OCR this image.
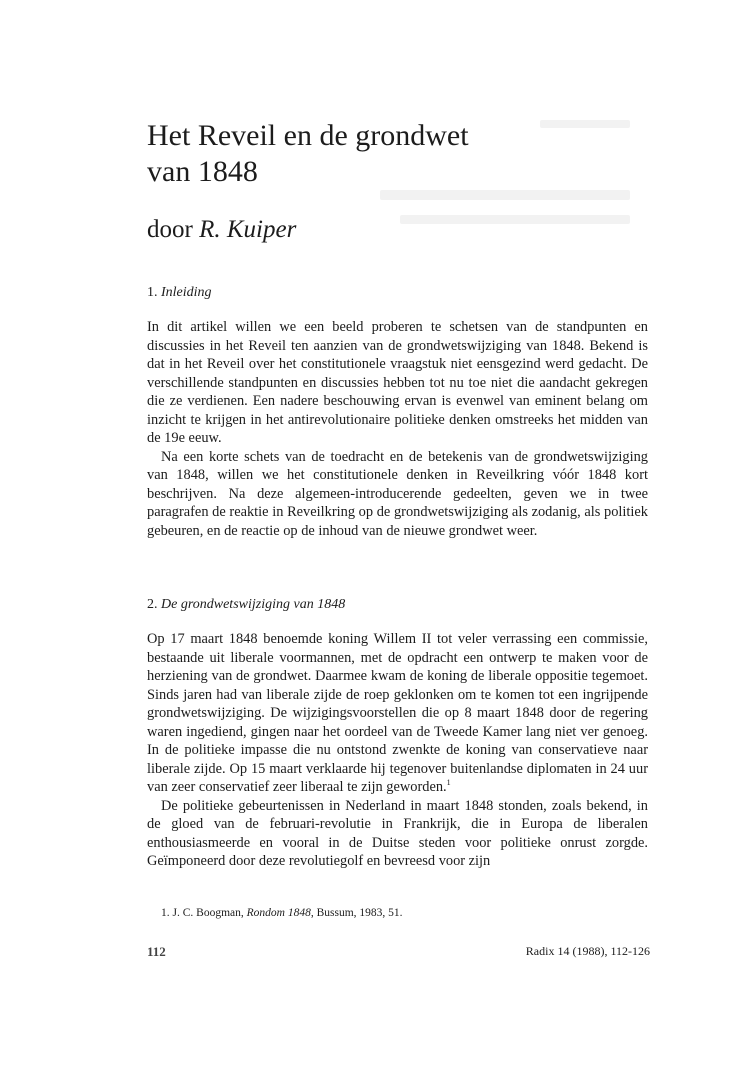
Het Reveil en de grondwet
van 1848

door R. Kuiper

1. Inleiding

In dit artikel willen we een beeld proberen te schetsen van de standpunten en discussies in het Reveil ten aanzien van de grondwetswijziging van 1848. Bekend is dat in het Reveil over het constitutionele vraagstuk niet eensgezind werd gedacht. De verschillende standpunten en discussies hebben tot nu toe niet die aandacht gekregen die ze verdienen. Een nadere beschouwing ervan is evenwel van eminent belang om inzicht te krijgen in het antirevolutionaire politieke denken omstreeks het midden van de 19e eeuw.

Na een korte schets van de toedracht en de betekenis van de grondwetswijziging van 1848, willen we het constitutionele denken in Reveilkring vóór 1848 kort beschrijven. Na deze algemeen-introducerende gedeelten, geven we in twee paragrafen de reaktie in Reveilkring op de grondwetswijziging als zodanig, als politiek gebeuren, en de reactie op de inhoud van de nieuwe grondwet weer.

2. De grondwetswijziging van 1848

Op 17 maart 1848 benoemde koning Willem II tot veler verrassing een commissie, bestaande uit liberale voormannen, met de opdracht een ontwerp te maken voor de herziening van de grondwet. Daarmee kwam de koning de liberale oppositie tegemoet. Sinds jaren had van liberale zijde de roep geklonken om te komen tot een ingrijpende grondwetswijziging. De wijzigingsvoorstellen die op 8 maart 1848 door de regering waren ingediend, gingen naar het oordeel van de Tweede Kamer lang niet ver genoeg. In de politieke impasse die nu ontstond zwenkte de koning van conservatieve naar liberale zijde. Op 15 maart verklaarde hij tegenover buitenlandse diplomaten in 24 uur van zeer conservatief zeer liberaal te zijn geworden.$^1$

De politieke gebeurtenissen in Nederland in maart 1848 stonden, zoals bekend, in de gloed van de februari-revolutie in Frankrijk, die in Europa de liberalen enthousiasmeerde en vooral in de Duitse steden voor politieke onrust zorgde. Geïmponeerd door deze revolutiegolf en bevreesd voor zijn

1. J. C. Boogman, Rondom 1848, Bussum, 1983, 51.

112	Radix 14 (1988), 112-126
